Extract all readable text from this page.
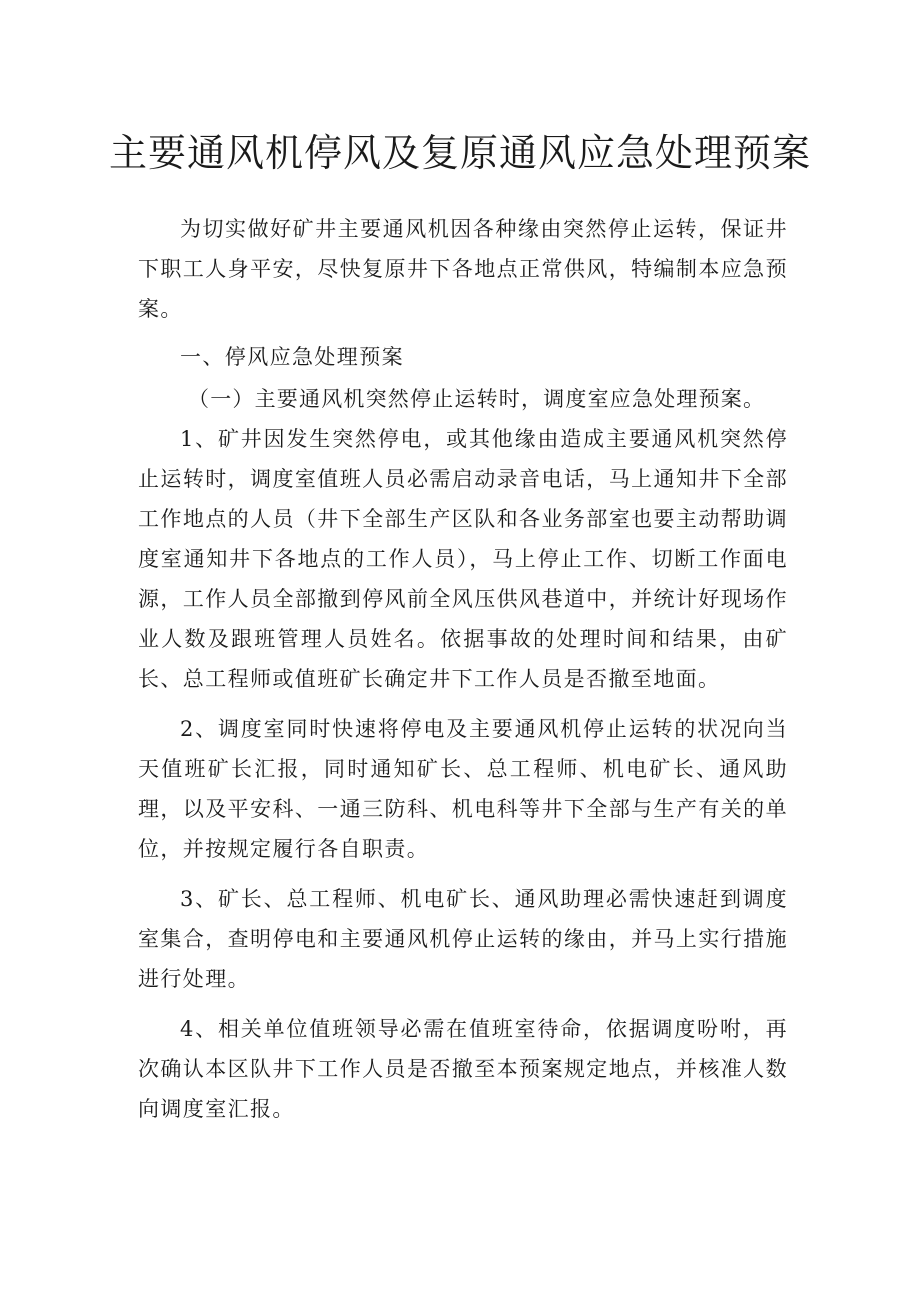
主要通风机停风及复原通风应急处理预案

为切实做好矿井主要通风机因各种缘由突然停止运转，保证井下职工人身平安，尽快复原井下各地点正常供风，特编制本应急预案。

一、停风应急处理预案

（一）主要通风机突然停止运转时，调度室应急处理预案。

1、矿井因发生突然停电，或其他缘由造成主要通风机突然停止运转时，调度室值班人员必需启动录音电话，马上通知井下全部工作地点的人员（井下全部生产区队和各业务部室也要主动帮助调度室通知井下各地点的工作人员），马上停止工作、切断工作面电源，工作人员全部撤到停风前全风压供风巷道中，并统计好现场作业人数及跟班管理人员姓名。依据事故的处理时间和结果，由矿长、总工程师或值班矿长确定井下工作人员是否撤至地面。

2、调度室同时快速将停电及主要通风机停止运转的状况向当天值班矿长汇报，同时通知矿长、总工程师、机电矿长、通风助理，以及平安科、一通三防科、机电科等井下全部与生产有关的单位，并按规定履行各自职责。

3、矿长、总工程师、机电矿长、通风助理必需快速赶到调度室集合，查明停电和主要通风机停止运转的缘由，并马上实行措施进行处理。

4、相关单位值班领导必需在值班室待命，依据调度吩咐，再次确认本区队井下工作人员是否撤至本预案规定地点，并核准人数向调度室汇报。
